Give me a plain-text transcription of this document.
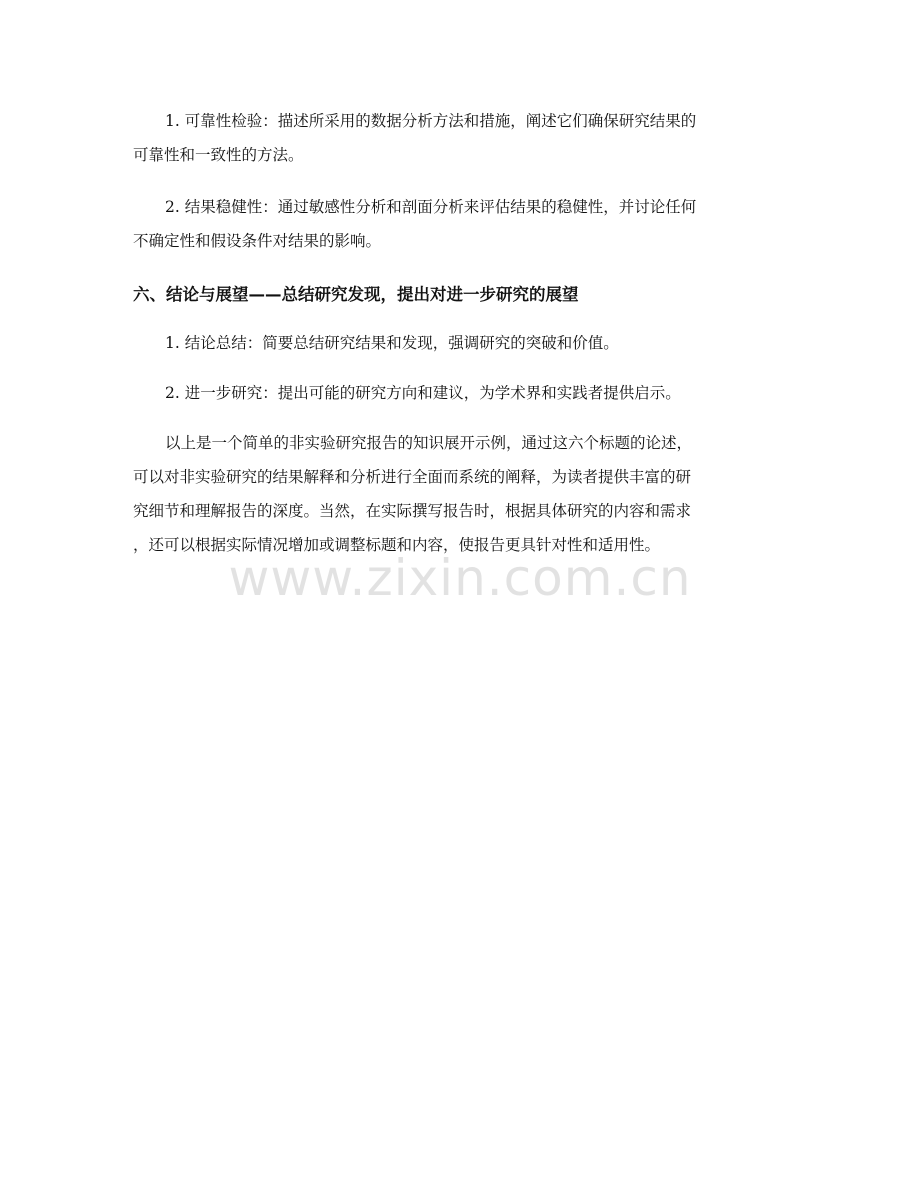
1. 可靠性检验：描述所采用的数据分析方法和措施，阐述它们确保研究结果的
可靠性和一致性的方法。

2. 结果稳健性：通过敏感性分析和剖面分析来评估结果的稳健性，并讨论任何
不确定性和假设条件对结果的影响。

六、结论与展望——总结研究发现，提出对进一步研究的展望

1. 结论总结：简要总结研究结果和发现，强调研究的突破和价值。

2. 进一步研究：提出可能的研究方向和建议，为学术界和实践者提供启示。

以上是一个简单的非实验研究报告的知识展开示例，通过这六个标题的论述，
可以对非实验研究的结果解释和分析进行全面而系统的阐释，为读者提供丰富的研
究细节和理解报告的深度。当然，在实际撰写报告时，根据具体研究的内容和需求
，还可以根据实际情况增加或调整标题和内容，使报告更具针对性和适用性。

www.zixin.com.cn
